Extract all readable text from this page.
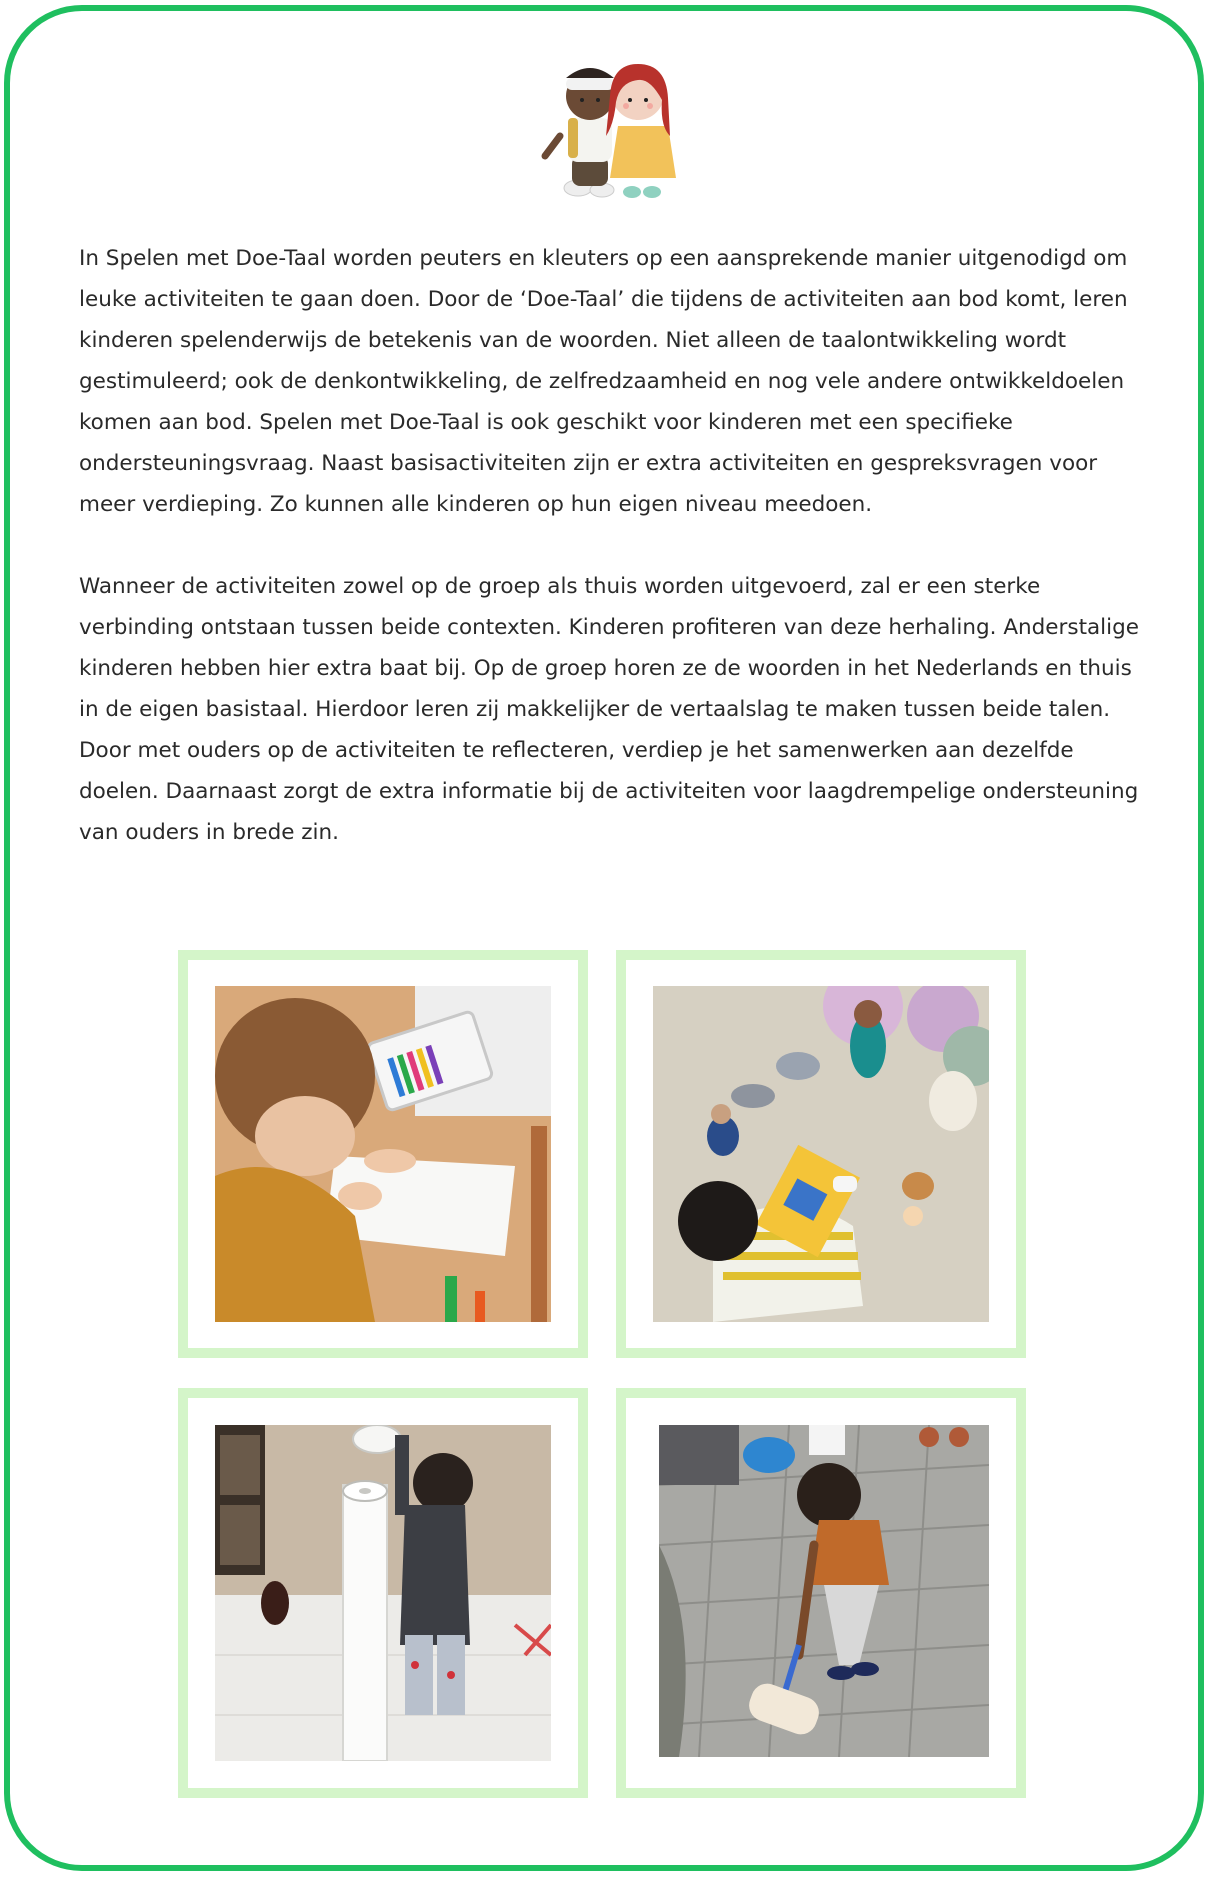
In Spelen met Doe-Taal worden peuters en kleuters op een aansprekende manier uitgenodigd om leuke activiteiten te gaan doen. Door de ‘Doe-Taal’ die tijdens de activiteiten aan bod komt, leren kinderen spelenderwijs de betekenis van de woorden. Niet alleen de taalontwikkeling wordt gestimuleerd; ook de denkontwikkeling, de zelfredzaamheid en nog vele andere ontwikkeldoelen komen aan bod. Spelen met Doe-Taal is ook geschikt voor kinderen met een specifieke ondersteuningsvraag. Naast basisactiviteiten zijn er extra activiteiten en gespreksvragen voor meer verdieping. Zo kunnen alle kinderen op hun eigen niveau meedoen.

Wanneer de activiteiten zowel op de groep als thuis worden uitgevoerd, zal er een sterke verbinding ontstaan tussen beide contexten. Kinderen profiteren van deze herhaling. Anderstalige kinderen hebben hier extra baat bij. Op de groep horen ze de woorden in het Nederlands en thuis in de eigen basistaal. Hierdoor leren zij makkelijker de vertaalslag te maken tussen beide talen.

Door met ouders op de activiteiten te reflecteren, verdiep je het samenwerken aan dezelfde doelen. Daarnaast zorgt de extra informatie bij de activiteiten voor laagdrempelige ondersteuning van ouders in brede zin.
